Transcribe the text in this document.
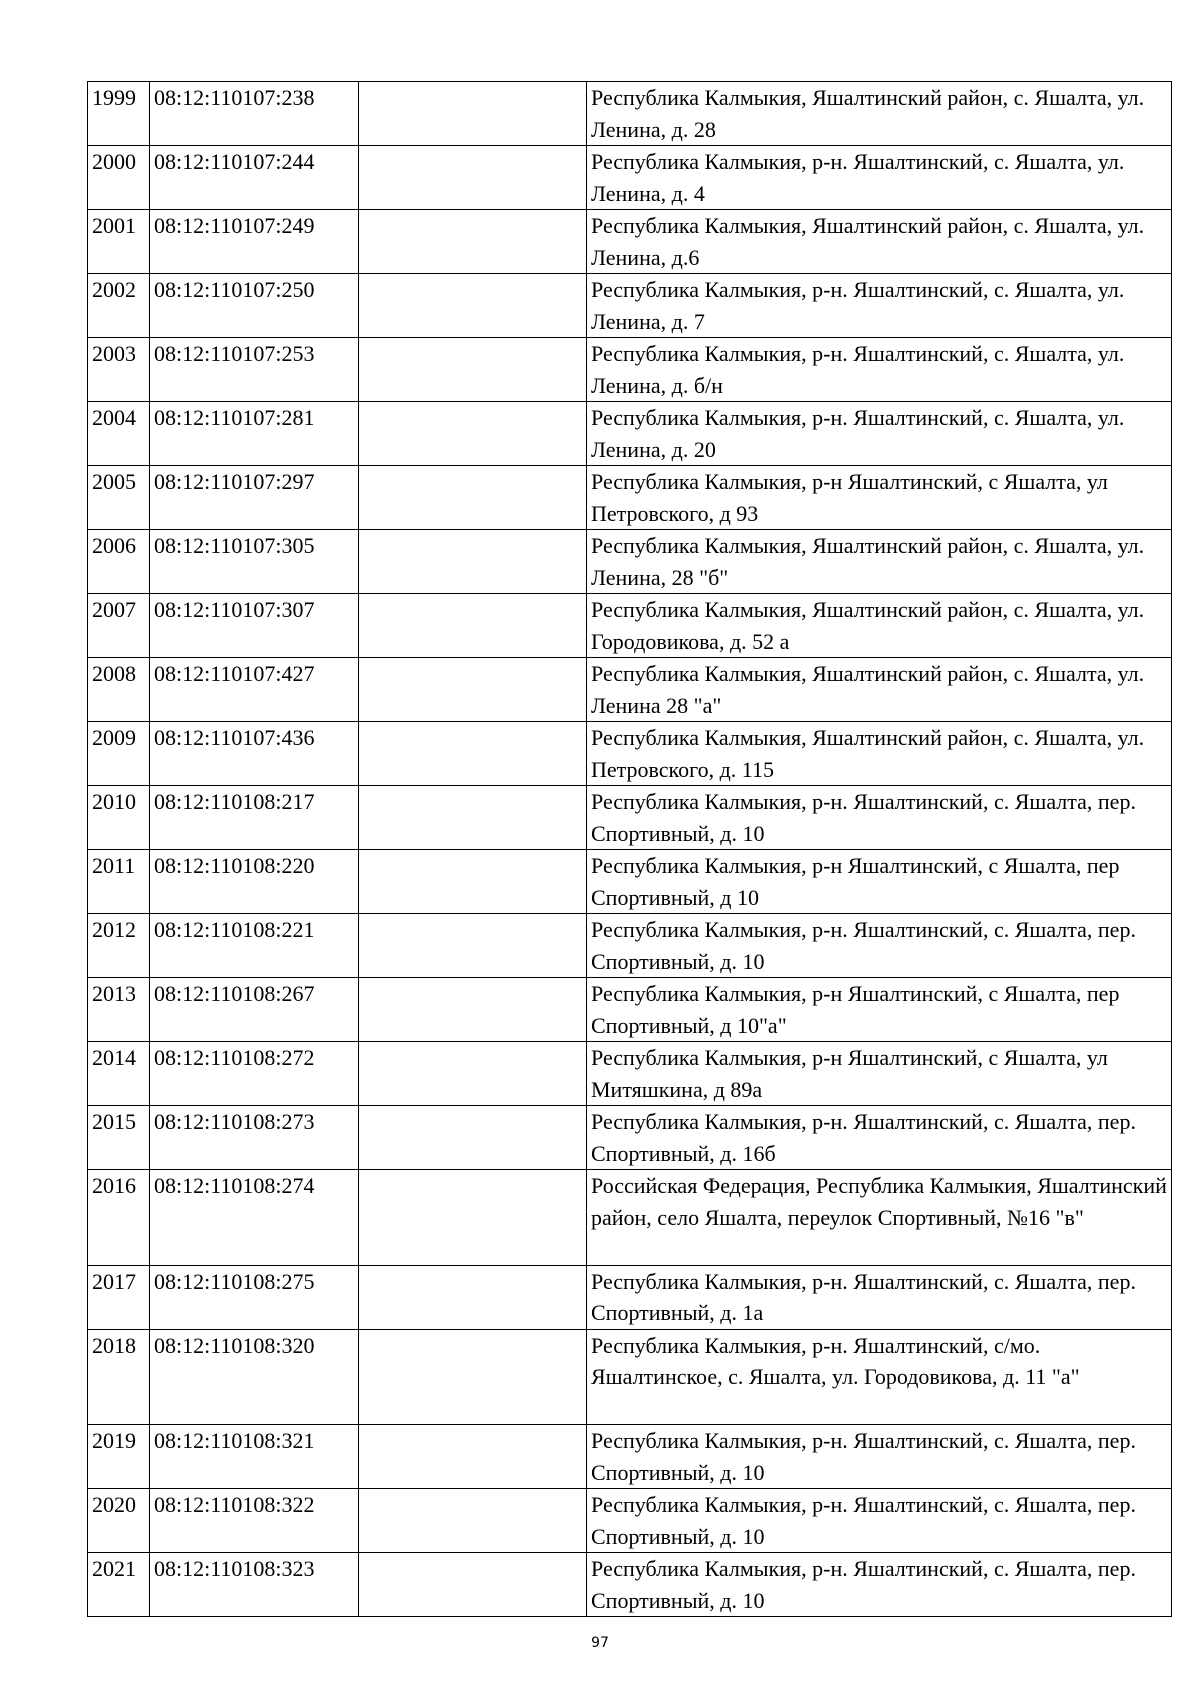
1999	08:12:110107:238		Республика Калмыкия, Яшалтинский район, с. Яшалта, ул. Ленина, д. 28
2000	08:12:110107:244		Республика Калмыкия, р-н. Яшалтинский, с. Яшалта, ул. Ленина, д. 4
2001	08:12:110107:249		Республика Калмыкия, Яшалтинский район, с. Яшалта, ул. Ленина, д.6
2002	08:12:110107:250		Республика Калмыкия, р-н. Яшалтинский, с. Яшалта, ул. Ленина, д. 7
2003	08:12:110107:253		Республика Калмыкия, р-н. Яшалтинский, с. Яшалта, ул. Ленина, д. б/н
2004	08:12:110107:281		Республика Калмыкия, р-н. Яшалтинский, с. Яшалта, ул. Ленина, д. 20
2005	08:12:110107:297		Республика Калмыкия, р-н Яшалтинский, с Яшалта, ул Петровского, д 93
2006	08:12:110107:305		Республика Калмыкия, Яшалтинский район, с. Яшалта, ул. Ленина, 28 "б"
2007	08:12:110107:307		Республика Калмыкия, Яшалтинский район, с. Яшалта, ул. Городовикова, д. 52 а
2008	08:12:110107:427		Республика Калмыкия, Яшалтинский район, с. Яшалта, ул. Ленина 28 "а"
2009	08:12:110107:436		Республика Калмыкия, Яшалтинский район, с. Яшалта, ул. Петровского, д. 115
2010	08:12:110108:217		Республика Калмыкия, р-н. Яшалтинский, с. Яшалта, пер. Спортивный, д. 10
2011	08:12:110108:220		Республика Калмыкия, р-н Яшалтинский, с Яшалта, пер Спортивный, д 10
2012	08:12:110108:221		Республика Калмыкия, р-н. Яшалтинский, с. Яшалта, пер. Спортивный, д. 10
2013	08:12:110108:267		Республика Калмыкия, р-н Яшалтинский, с Яшалта, пер Спортивный, д 10"а"
2014	08:12:110108:272		Республика Калмыкия, р-н Яшалтинский, с Яшалта, ул Митяшкина, д 89а
2015	08:12:110108:273		Республика Калмыкия, р-н. Яшалтинский, с. Яшалта, пер. Спортивный, д. 16б
2016	08:12:110108:274		Российская Федерация, Республика Калмыкия, Яшалтинский район, село Яшалта, переулок Спортивный, №16 "в"
2017	08:12:110108:275		Республика Калмыкия, р-н. Яшалтинский, с. Яшалта, пер. Спортивный, д. 1а
2018	08:12:110108:320		Республика Калмыкия, р-н. Яшалтинский, с/мо. Яшалтинское, с. Яшалта, ул. Городовикова, д. 11 "а"
2019	08:12:110108:321		Республика Калмыкия, р-н. Яшалтинский, с. Яшалта, пер. Спортивный, д. 10
2020	08:12:110108:322		Республика Калмыкия, р-н. Яшалтинский, с. Яшалта, пер. Спортивный, д. 10
2021	08:12:110108:323		Республика Калмыкия, р-н. Яшалтинский, с. Яшалта, пер. Спортивный, д. 10
97
